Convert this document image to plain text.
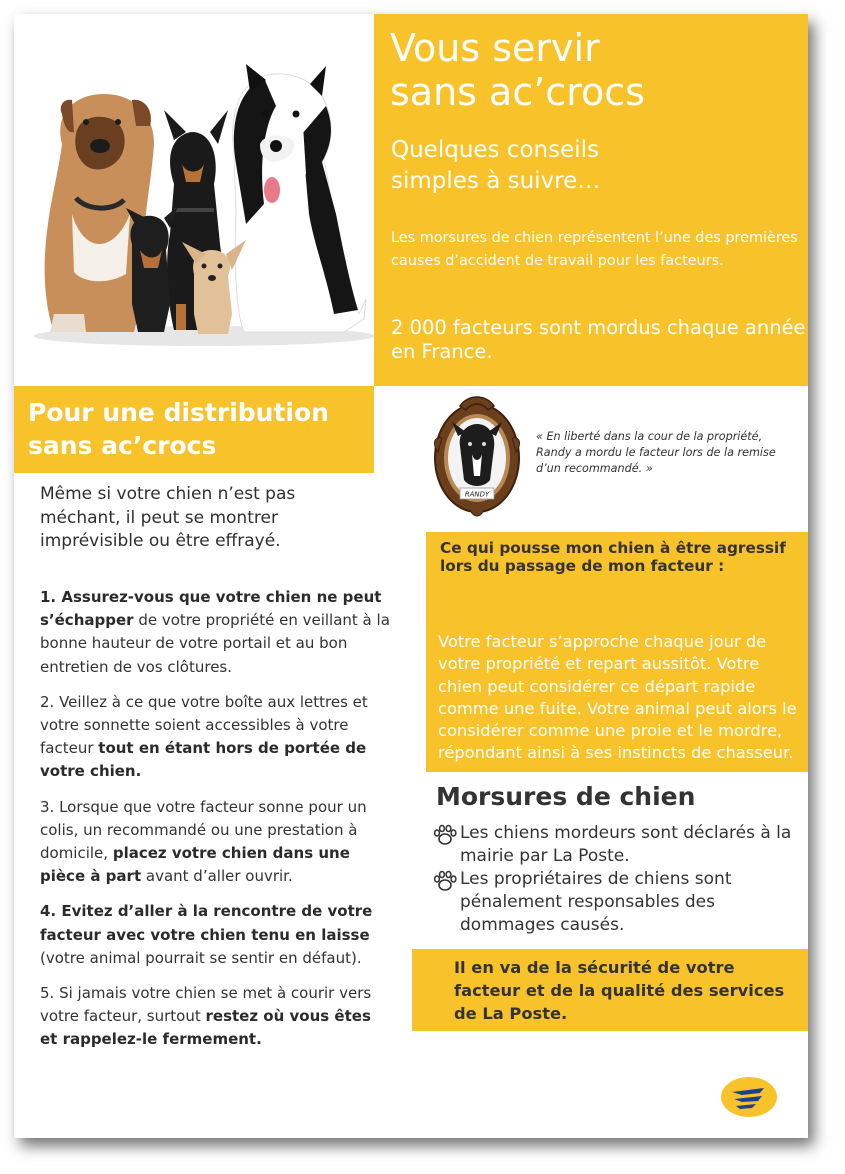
Vous servir
sans ac’crocs

Quelques conseils
simples à suivre…

Les morsures de chien représentent l’une des premières causes d’accident de travail pour les facteurs.

2 000 facteurs sont mordus chaque année en France.

Pour une distribution
sans ac’crocs

Même si votre chien n’est pas méchant, il peut se montrer imprévisible ou être effrayé.

1. Assurez-vous que votre chien ne peut s’échapper de votre propriété en veillant à la bonne hauteur de votre portail et au bon entretien de vos clôtures.

2. Veillez à ce que votre boîte aux lettres et votre sonnette soient accessibles à votre facteur tout en étant hors de portée de votre chien.

3. Lorsque que votre facteur sonne pour un colis, un recommandé ou une prestation à domicile, placez votre chien dans une pièce à part avant d’aller ouvrir.

4. Evitez d’aller à la rencontre de votre facteur avec votre chien tenu en laisse (votre animal pourrait se sentir en défaut).

5. Si jamais votre chien se met à courir vers votre facteur, surtout restez où vous êtes et rappelez-le fermement.

RANDY

« En liberté dans la cour de la propriété, Randy a mordu le facteur lors de la remise d’un recommandé. »

Ce qui pousse mon chien à être agressif lors du passage de mon facteur :

Votre facteur s’approche chaque jour de votre propriété et repart aussitôt. Votre chien peut considérer ce départ rapide comme une fuite. Votre animal peut alors le considérer comme une proie et le mordre, répondant ainsi à ses instincts de chasseur.

Morsures de chien
Les chiens mordeurs sont déclarés à la mairie par La Poste.
Les propriétaires de chiens sont pénalement responsables des dommages causés.

Il en va de la sécurité de votre facteur et de la qualité des services de La Poste.
